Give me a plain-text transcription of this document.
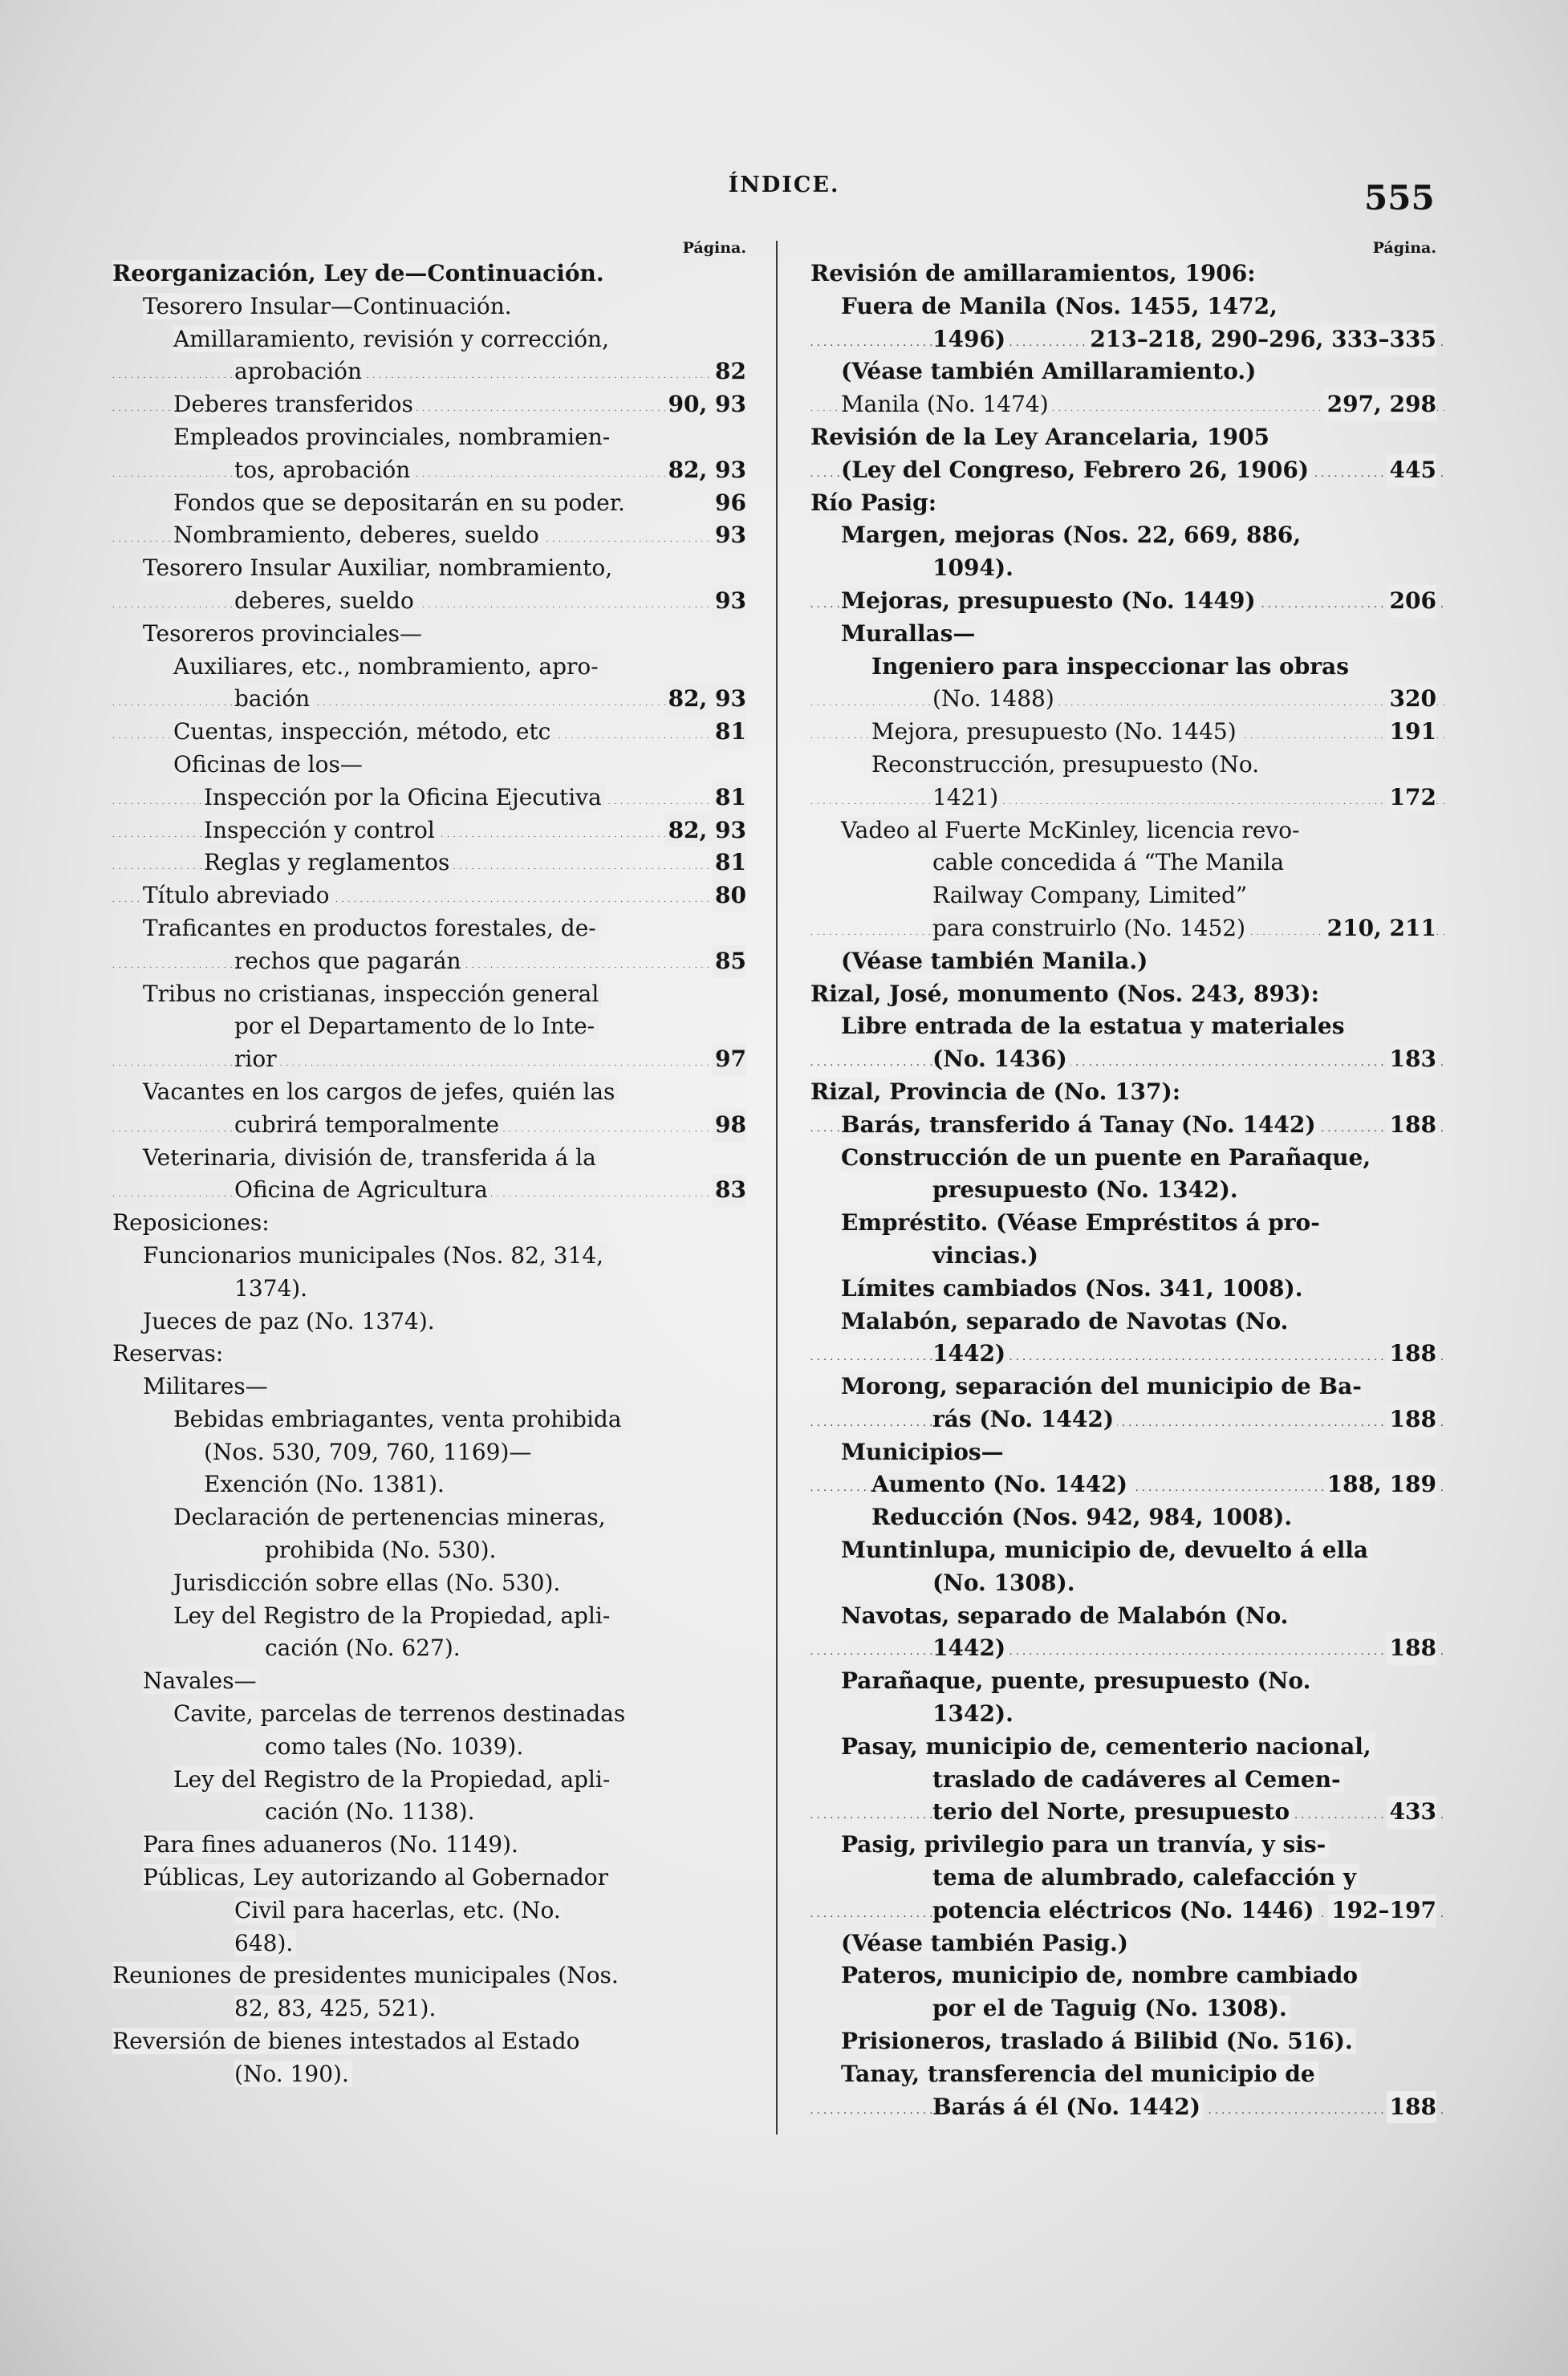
ÍNDICE.	555
Página.
Reorganización, Ley de—Continuación.
Tesorero Insular—Continuación.
Amillaramiento, revisión y corrección,
aprobación	82
. . .
Deberes transferidos	90, 93
. . .
Empleados provinciales, nombramien-
tos, aprobación	82, 93
. . .
Fondos que se depositarán en su poder.	96
Nombramiento, deberes, sueldo	93
. . .
Tesorero Insular Auxiliar, nombramiento,
deberes, sueldo	93
. . .
Tesoreros provinciales—
Auxiliares, etc., nombramiento, apro-
bación	82, 93
. . .
Cuentas, inspección, método, etc	81
. . .
Oficinas de los—
Inspección por la Oficina Ejecutiva	81
. . .
Inspección y control	82, 93
. . .
Reglas y reglamentos	81
. . .
Título abreviado	80
. . .
Traficantes en productos forestales, de-
rechos que pagarán	85
. . .
Tribus no cristianas, inspección general
por el Departamento de lo Inte-
rior	97
. . .
Vacantes en los cargos de jefes, quién las
cubrirá temporalmente	98
. . .
Veterinaria, división de, transferida á la
Oficina de Agricultura	83
. . .
Reposiciones:
Funcionarios municipales (Nos. 82, 314,
1374).
Jueces de paz (No. 1374).
Reservas:
Militares—
Bebidas embriagantes, venta prohibida
(Nos. 530, 709, 760, 1169)—
Exención (No. 1381).
Declaración de pertenencias mineras,
prohibida (No. 530).
Jurisdicción sobre ellas (No. 530).
Ley del Registro de la Propiedad, apli-
cación (No. 627).
Navales—
Cavite, parcelas de terrenos destinadas
como tales (No. 1039).
Ley del Registro de la Propiedad, apli-
cación (No. 1138).
Para fines aduaneros (No. 1149).
Públicas, Ley autorizando al Gobernador
Civil para hacerlas, etc. (No.
648).
Reuniones de presidentes municipales (Nos.
82, 83, 425, 521).
Reversión de bienes intestados al Estado
(No. 190).
Página.
Revisión de amillaramientos, 1906:
Fuera de Manila (Nos. 1455, 1472,
1496)	213–218, 290–296, 333–335
. . .
(Véase también Amillaramiento.)
Manila (No. 1474)	297, 298
. . .
Revisión de la Ley Arancelaria, 1905
(Ley del Congreso, Febrero 26, 1906)	445
. . .
Río Pasig:
Margen, mejoras (Nos. 22, 669, 886,
1094).
Mejoras, presupuesto (No. 1449)	206
. . .
Murallas—
Ingeniero para inspeccionar las obras
(No. 1488)	320
. . .
Mejora, presupuesto (No. 1445)	191
. . .
Reconstrucción, presupuesto (No.
1421)	172
. . .
Vadeo al Fuerte McKinley, licencia revo-
cable concedida á “The Manila
Railway Company, Limited”
para construirlo (No. 1452)	210, 211
. . .
(Véase también Manila.)
Rizal, José, monumento (Nos. 243, 893):
Libre entrada de la estatua y materiales
(No. 1436)	183
. . .
Rizal, Provincia de (No. 137):
Barás, transferido á Tanay (No. 1442)	188
. . .
Construcción de un puente en Parañaque,
presupuesto (No. 1342).
Empréstito. (Véase Empréstitos á pro-
vincias.)
Límites cambiados (Nos. 341, 1008).
Malabón, separado de Navotas (No.
1442)	188
. . .
Morong, separación del municipio de Ba-
rás (No. 1442)	188
. . .
Municipios—
Aumento (No. 1442)	188, 189
. . .
Reducción (Nos. 942, 984, 1008).
Muntinlupa, municipio de, devuelto á ella
(No. 1308).
Navotas, separado de Malabón (No.
1442)	188
. . .
Parañaque, puente, presupuesto (No.
1342).
Pasay, municipio de, cementerio nacional,
traslado de cadáveres al Cemen-
terio del Norte, presupuesto	433
. . .
Pasig, privilegio para un tranvía, y sis-
tema de alumbrado, calefacción y
potencia eléctricos (No. 1446) 192–197
. . .
(Véase también Pasig.)
Pateros, municipio de, nombre cambiado
por el de Taguig (No. 1308).
Prisioneros, traslado á Bilibid (No. 516).
Tanay, transferencia del municipio de
Barás á él (No. 1442)	188
. . .
